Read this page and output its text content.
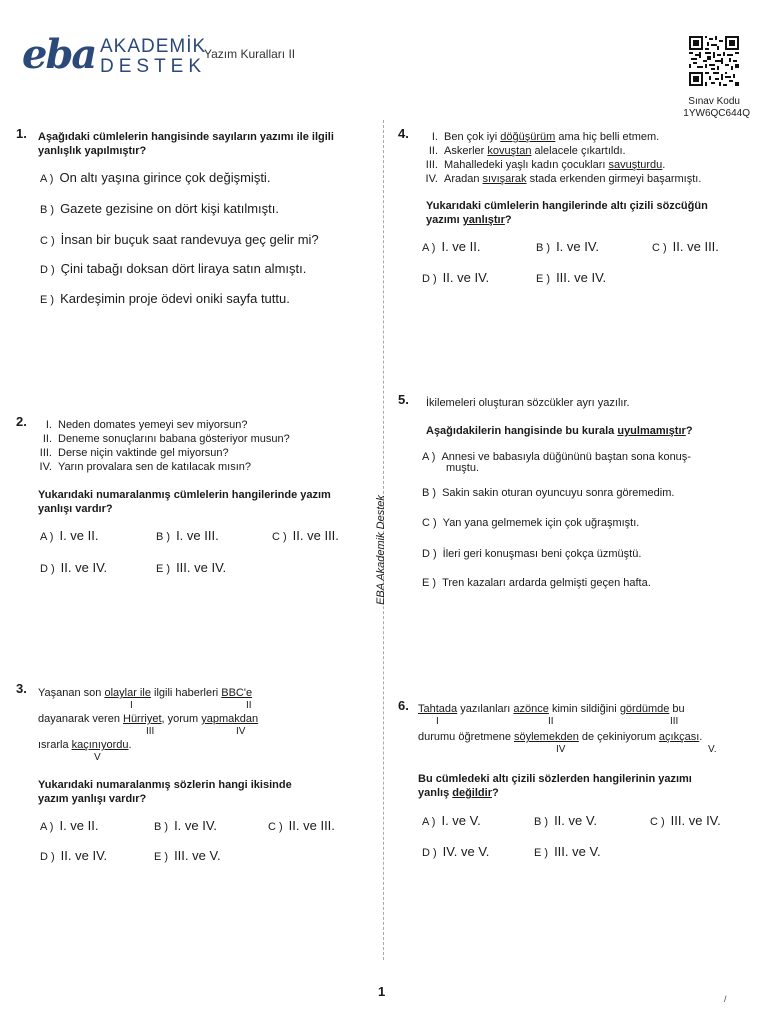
eba AKADEMİK
DESTEK
Yazım Kuralları II
Sınav Kodu
1YW6QC644Q
EBA Akademik Destek
1. Aşağıdaki cümlelerin hangisinde sayıların yazımı ile ilgili
yanlışlık yapılmıştır?
A ) On altı yaşına girince çok değişmişti.
B ) Gazete gezisine on dört kişi katılmıştı.
C ) İnsan bir buçuk saat randevuya geç gelir mi?
D ) Çini tabağı doksan dört liraya satın almıştı.
E ) Kardeşimin proje ödevi oniki sayfa tuttu.
2.	I. Neden domates yemeyi sev miyorsun?
II. Deneme sonuçlarını babana gösteriyor musun?
III. Derse niçin vaktinde gel miyorsun?
IV. Yarın provalara sen de katılacak mısın?
Yukarıdaki numaralanmış cümlelerin hangilerinde yazım
yanlışı vardır?
A ) I. ve II.	B ) I. ve III.	C ) II. ve III.
D ) II. ve IV.	E ) III. ve IV.
3. Yaşanan son olaylar ile ilgili haberleri BBC'e
I	II
dayanarak veren Hürriyet, yorum yapmakdan
III	IV
ısrarla kaçınıyordu.
V
Yukarıdaki numaralanmış sözlerin hangi ikisinde
yazım yanlışı vardır?
A ) I. ve II.	B ) I. ve IV.	C ) II. ve III.
D ) II. ve IV.	E ) III. ve V.
4.	I. Ben çok iyi döğüşürüm ama hiç belli etmem.
II. Askerler kovuştan alelacele çıkartıldı.
III. Mahalledeki yaşlı kadın çocukları savuşturdu.
IV. Aradan sıvışarak stada erkenden girmeyi başarmıştı.
Yukarıdaki cümlelerin hangilerinde altı çizili sözcüğün
yazımı yanlıştır?
A ) I. ve II.	B ) I. ve IV.	C ) II. ve III.
D ) II. ve IV.	E ) III. ve IV.
5. İkilemeleri oluşturan sözcükler ayrı yazılır.
Aşağıdakilerin hangisinde bu kurala uyulmamıştır?
A ) Annesi ve babasıyla düğününü baştan sona konuş-
muştu.
B ) Sakin sakin oturan oyuncuyu sonra göremedim.
C ) Yan yana gelmemek için çok uğraşmıştı.
D ) İleri geri konuşması beni çokça üzmüştü.
E ) Tren kazaları ardarda gelmişti geçen hafta.
6. Tahtada yazılanları azönce kimin sildiğini gördümde bu
I	II	III
durumu öğretmene söylemekden de çekiniyorum açıkçası.
IV	V.
Bu cümledeki altı çizili sözlerden hangilerinin yazımı
yanlış değildir?
A ) I. ve V.	B ) II. ve V.	C ) III. ve IV.
D ) IV. ve V.	E ) III. ve V.
1	/
